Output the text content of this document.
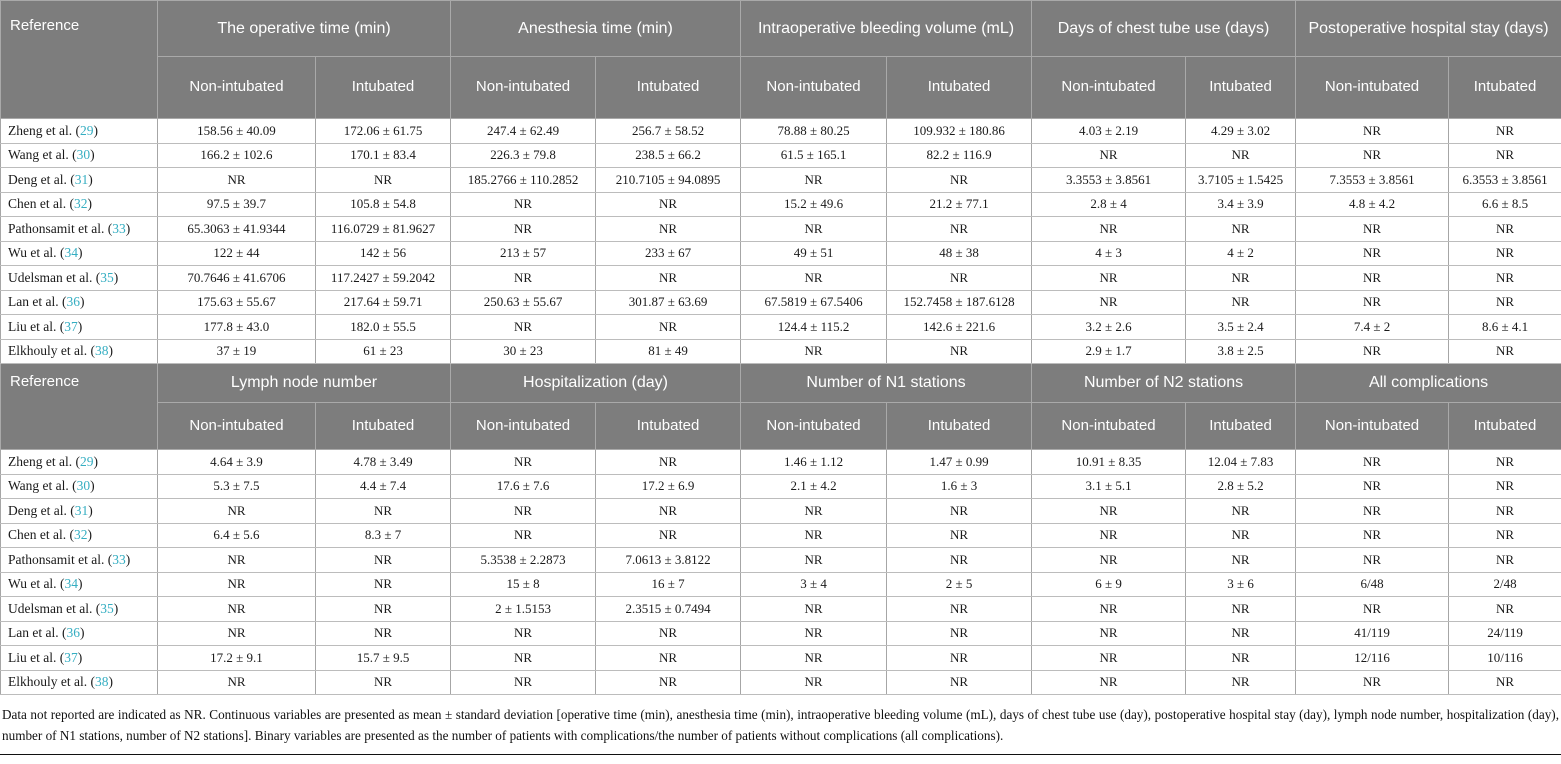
Reference	The operative time (min)		Anesthesia time (min)		Intraoperative bleeding volume (mL)		Days of chest tube use (days)		Postoperative hospital stay (days)	
	Non-intubated	Intubated	Non-intubated	Intubated	Non-intubated	Intubated	Non-intubated	Intubated	Non-intubated	Intubated
Zheng et al. (29)	158.56 ± 40.09	172.06 ± 61.75	247.4 ± 62.49	256.7 ± 58.52	78.88 ± 80.25	109.932 ± 180.86	4.03 ± 2.19	4.29 ± 3.02	NR	NR
Wang et al. (30)	166.2 ± 102.6	170.1 ± 83.4	226.3 ± 79.8	238.5 ± 66.2	61.5 ± 165.1	82.2 ± 116.9	NR	NR	NR	NR
Deng et al. (31)	NR	NR	185.2766 ± 110.2852	210.7105 ± 94.0895	NR	NR	3.3553 ± 3.8561	3.7105 ± 1.5425	7.3553 ± 3.8561	6.3553 ± 3.8561
Chen et al. (32)	97.5 ± 39.7	105.8 ± 54.8	NR	NR	15.2 ± 49.6	21.2 ± 77.1	2.8 ± 4	3.4 ± 3.9	4.8 ± 4.2	6.6 ± 8.5
Pathonsamit et al. (33)	65.3063 ± 41.9344	116.0729 ± 81.9627	NR	NR	NR	NR	NR	NR	NR	NR
Wu et al. (34)	122 ± 44	142 ± 56	213 ± 57	233 ± 67	49 ± 51	48 ± 38	4 ± 3	4 ± 2	NR	NR
Udelsman et al. (35)	70.7646 ± 41.6706	117.2427 ± 59.2042	NR	NR	NR	NR	NR	NR	NR	NR
Lan et al. (36)	175.63 ± 55.67	217.64 ± 59.71	250.63 ± 55.67	301.87 ± 63.69	67.5819 ± 67.5406	152.7458 ± 187.6128	NR	NR	NR	NR
Liu et al. (37)	177.8 ± 43.0	182.0 ± 55.5	NR	NR	124.4 ± 115.2	142.6 ± 221.6	3.2 ± 2.6	3.5 ± 2.4	7.4 ± 2	8.6 ± 4.1
Elkhouly et al. (38)	37 ± 19	61 ± 23	30 ± 23	81 ± 49	NR	NR	2.9 ± 1.7	3.8 ± 2.5	NR	NR
Reference	Lymph node number		Hospitalization (day)		Number of N1 stations		Number of N2 stations		All complications	
	Non-intubated	Intubated	Non-intubated	Intubated	Non-intubated	Intubated	Non-intubated	Intubated	Non-intubated	Intubated
Zheng et al. (29)	4.64 ± 3.9	4.78 ± 3.49	NR	NR	1.46 ± 1.12	1.47 ± 0.99	10.91 ± 8.35	12.04 ± 7.83	NR	NR
Wang et al. (30)	5.3 ± 7.5	4.4 ± 7.4	17.6 ± 7.6	17.2 ± 6.9	2.1 ± 4.2	1.6 ± 3	3.1 ± 5.1	2.8 ± 5.2	NR	NR
Deng et al. (31)	NR	NR	NR	NR	NR	NR	NR	NR	NR	NR
Chen et al. (32)	6.4 ± 5.6	8.3 ± 7	NR	NR	NR	NR	NR	NR	NR	NR
Pathonsamit et al. (33)	NR	NR	5.3538 ± 2.2873	7.0613 ± 3.8122	NR	NR	NR	NR	NR	NR
Wu et al. (34)	NR	NR	15 ± 8	16 ± 7	3 ± 4	2 ± 5	6 ± 9	3 ± 6	6/48	2/48
Udelsman et al. (35)	NR	NR	2 ± 1.5153	2.3515 ± 0.7494	NR	NR	NR	NR	NR	NR
Lan et al. (36)	NR	NR	NR	NR	NR	NR	NR	NR	41/119	24/119
Liu et al. (37)	17.2 ± 9.1	15.7 ± 9.5	NR	NR	NR	NR	NR	NR	12/116	10/116
Elkhouly et al. (38)	NR	NR	NR	NR	NR	NR	NR	NR	NR	NR
Data not reported are indicated as NR. Continuous variables are presented as mean ± standard deviation [operative time (min), anesthesia time (min), intraoperative bleeding volume (mL), days of chest tube use (day), postoperative hospital stay (day), lymph node number, hospitalization (day), number of N1 stations, number of N2 stations]. Binary variables are presented as the number of patients with complications/the number of patients without complications (all complications).
